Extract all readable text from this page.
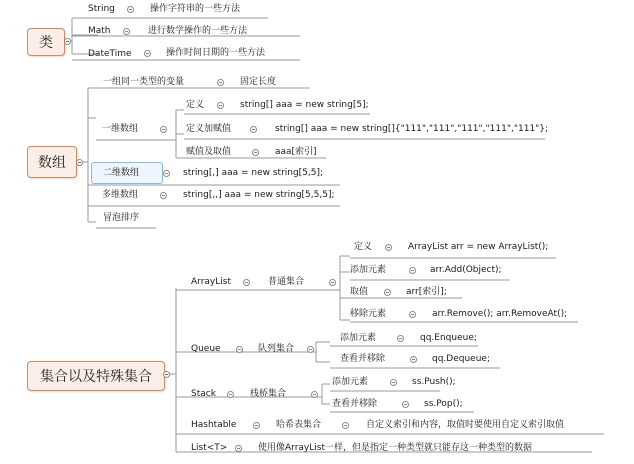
类
数组
集合以及特殊集合
String	操作字符串的一些方法
Math	进行数学操作的一些方法
DateTime	操作时间日期的一些方法
一组同一类型的变量	固定长度
一维数组
定义	string[] aaa = new string[5];
定义加赋值	string[] aaa = new string[]{"111","111","111","111","111"};
赋值及取值	aaa[索引]
二维数组	string[,] aaa = new string[5,5];
多维数组	string[,,] aaa = new string[5,5,5];
冒泡排序
ArrayList	普通集合
定义	ArrayList arr = new ArrayList();
添加元素	arr.Add(Object);
取值	arr[索引];
移除元素	arr.Remove(); arr.RemoveAt();
Queue	队列集合
添加元素	qq.Enqueue;
查看并移除	qq.Dequeue;
Stack	栈桥集合
添加元素	ss.Push();
查看并移除	ss.Pop();
Hashtable	哈希表集合	自定义索引和内容，取值时要使用自定义索引取值
List<T>	使用像ArrayList一样，但是指定一种类型就只能存这一种类型的数据
